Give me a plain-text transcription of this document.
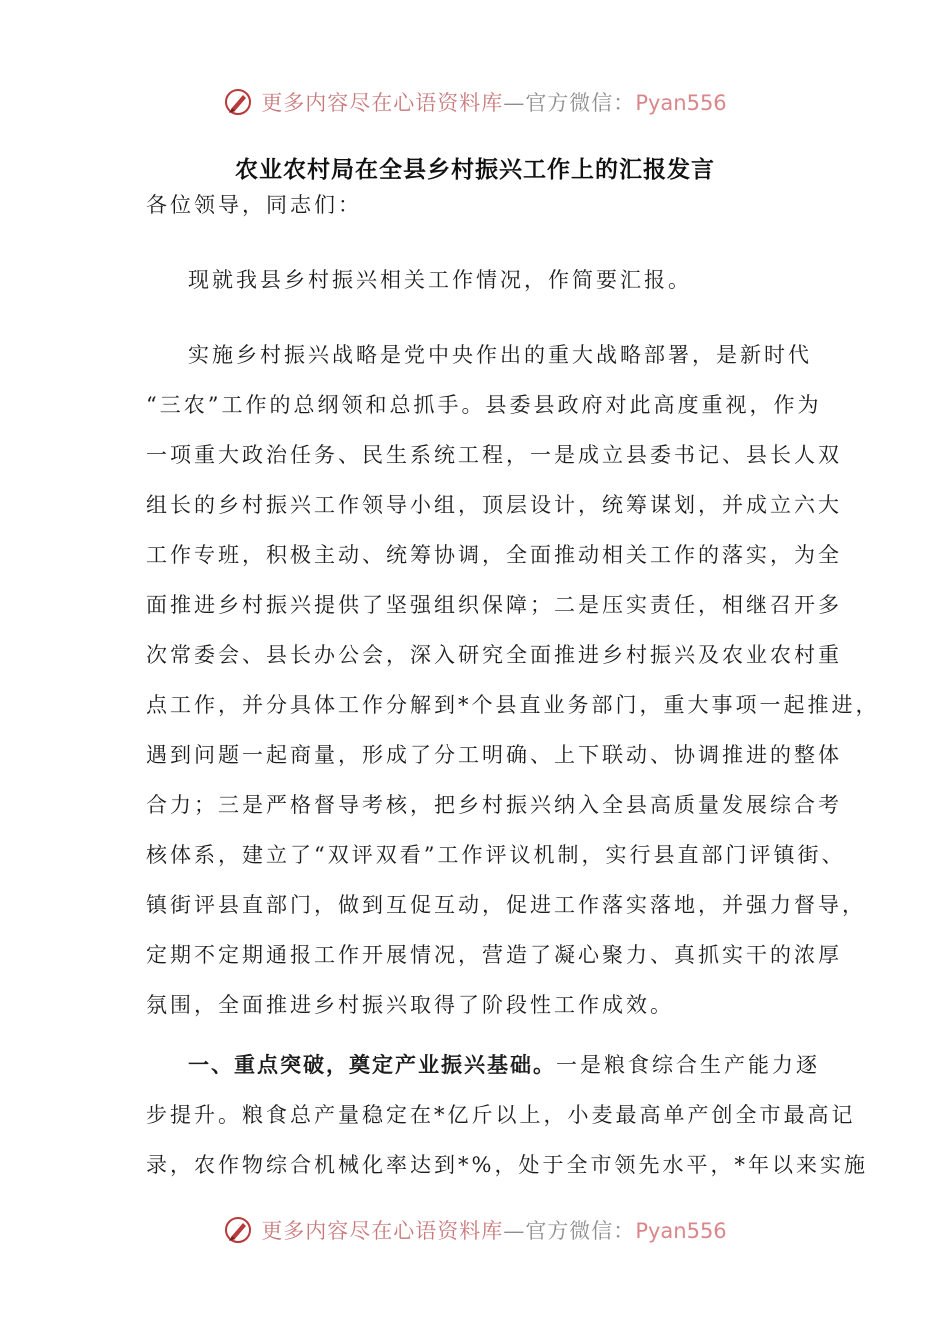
更多内容尽在心语资料库—官方微信：Pyan556
农业农村局在全县乡村振兴工作上的汇报发言
各位领导，同志们：
现就我县乡村振兴相关工作情况，作简要汇报。
实施乡村振兴战略是党中央作出的重大战略部署，是新时代
“三农”工作的总纲领和总抓手。县委县政府对此高度重视，作为
一项重大政治任务、民生系统工程，一是成立县委书记、县长人双
组长的乡村振兴工作领导小组，顶层设计，统筹谋划，并成立六大
工作专班，积极主动、统筹协调，全面推动相关工作的落实，为全
面推进乡村振兴提供了坚强组织保障；二是压实责任，相继召开多
次常委会、县长办公会，深入研究全面推进乡村振兴及农业农村重
点工作，并分具体工作分解到*个县直业务部门，重大事项一起推进，
遇到问题一起商量，形成了分工明确、上下联动、协调推进的整体
合力；三是严格督导考核，把乡村振兴纳入全县高质量发展综合考
核体系，建立了“双评双看”工作评议机制，实行县直部门评镇街、
镇街评县直部门，做到互促互动，促进工作落实落地，并强力督导，
定期不定期通报工作开展情况，营造了凝心聚力、真抓实干的浓厚
氛围，全面推进乡村振兴取得了阶段性工作成效。
一、重点突破，奠定产业振兴基础。一是粮食综合生产能力逐
步提升。粮食总产量稳定在*亿斤以上，小麦最高单产创全市最高记
录，农作物综合机械化率达到*%，处于全市领先水平，*年以来实施
更多内容尽在心语资料库—官方微信：Pyan556
